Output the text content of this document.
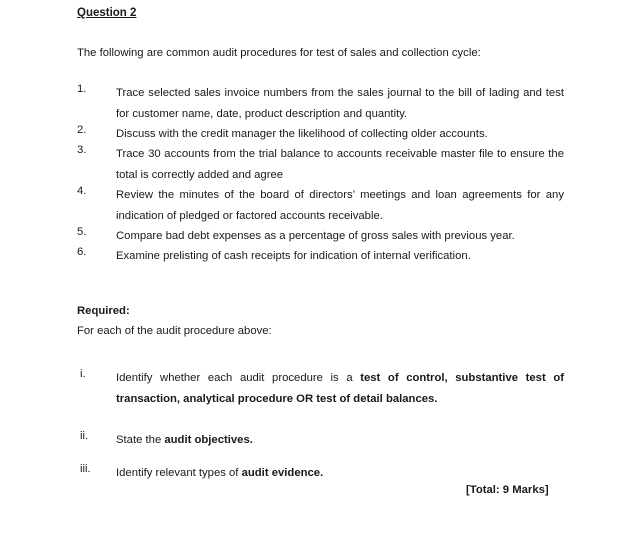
Question 2
The following are common audit procedures for test of sales and collection cycle:
1.	Trace selected sales invoice numbers from the sales journal to the bill of lading and test for customer name, date, product description and quantity.
2.	Discuss with the credit manager the likelihood of collecting older accounts.
3.	Trace 30 accounts from the trial balance to accounts receivable master file to ensure the total is correctly added and agree
4.	Review the minutes of the board of directors’ meetings and loan agreements for any indication of pledged or factored accounts receivable.
5.	Compare bad debt expenses as a percentage of gross sales with previous year.
6.	Examine prelisting of cash receipts for indication of internal verification.
Required:
For each of the audit procedure above:
i.	Identify whether each audit procedure is a test of control, substantive test of transaction, analytical procedure OR test of detail balances.
ii. State the audit objectives.
iii. Identify relevant types of audit evidence.
[Total: 9 Marks]
